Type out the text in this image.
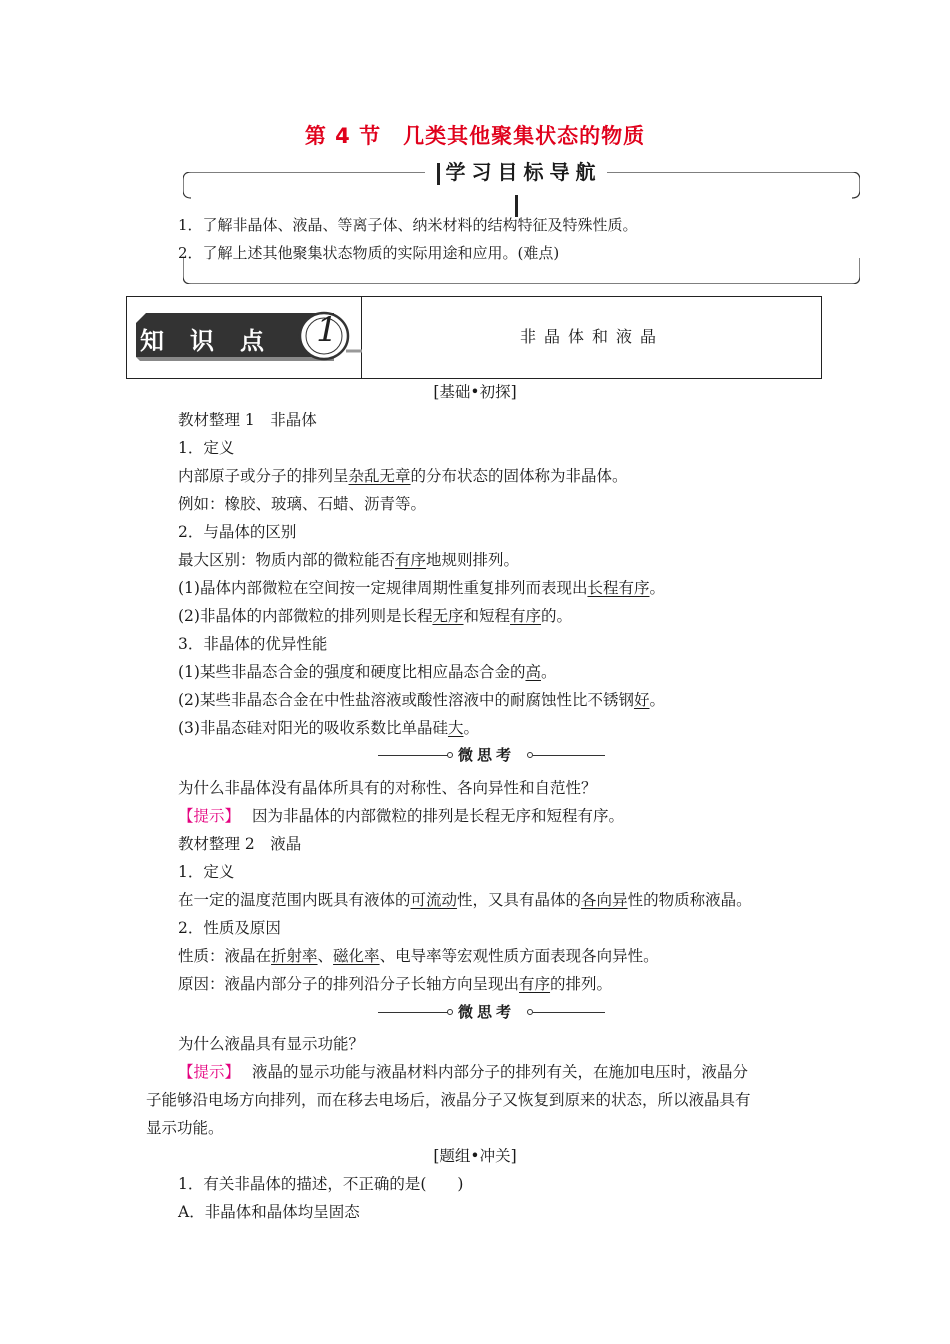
第 4 节　几类其他聚集状态的物质
学习目标导航
1．了解非晶体、液晶、等离子体、纳米材料的结构特征及特殊性质。
2．了解上述其他聚集状态物质的实际用途和应用。(难点)
知识点 1	非晶体和液晶
[基础•初探]
教材整理 1　非晶体
1．定义
内部原子或分子的排列呈杂乱无章的分布状态的固体称为非晶体。
例如：橡胶、玻璃、石蜡、沥青等。
2．与晶体的区别
最大区别：物质内部的微粒能否有序地规则排列。
(1)晶体内部微粒在空间按一定规律周期性重复排列而表现出长程有序。
(2)非晶体的内部微粒的排列则是长程无序和短程有序的。
3．非晶体的优异性能
(1)某些非晶态合金的强度和硬度比相应晶态合金的高。
(2)某些非晶态合金在中性盐溶液或酸性溶液中的耐腐蚀性比不锈钢好。
(3)非晶态硅对阳光的吸收系数比单晶硅大。
微思考
为什么非晶体没有晶体所具有的对称性、各向异性和自范性？
【提示】 因为非晶体的内部微粒的排列是长程无序和短程有序。
教材整理 2　液晶
1．定义
在一定的温度范围内既具有液体的可流动性，又具有晶体的各向异性的物质称液晶。
2．性质及原因
性质：液晶在折射率、磁化率、电导率等宏观性质方面表现各向异性。
原因：液晶内部分子的排列沿分子长轴方向呈现出有序的排列。
微思考
为什么液晶具有显示功能？
【提示】 液晶的显示功能与液晶材料内部分子的排列有关，在施加电压时，液晶分
子能够沿电场方向排列，而在移去电场后，液晶分子又恢复到原来的状态，所以液晶具有
显示功能。
[题组•冲关]
1．有关非晶体的描述，不正确的是(　　)
A．非晶体和晶体均呈固态
